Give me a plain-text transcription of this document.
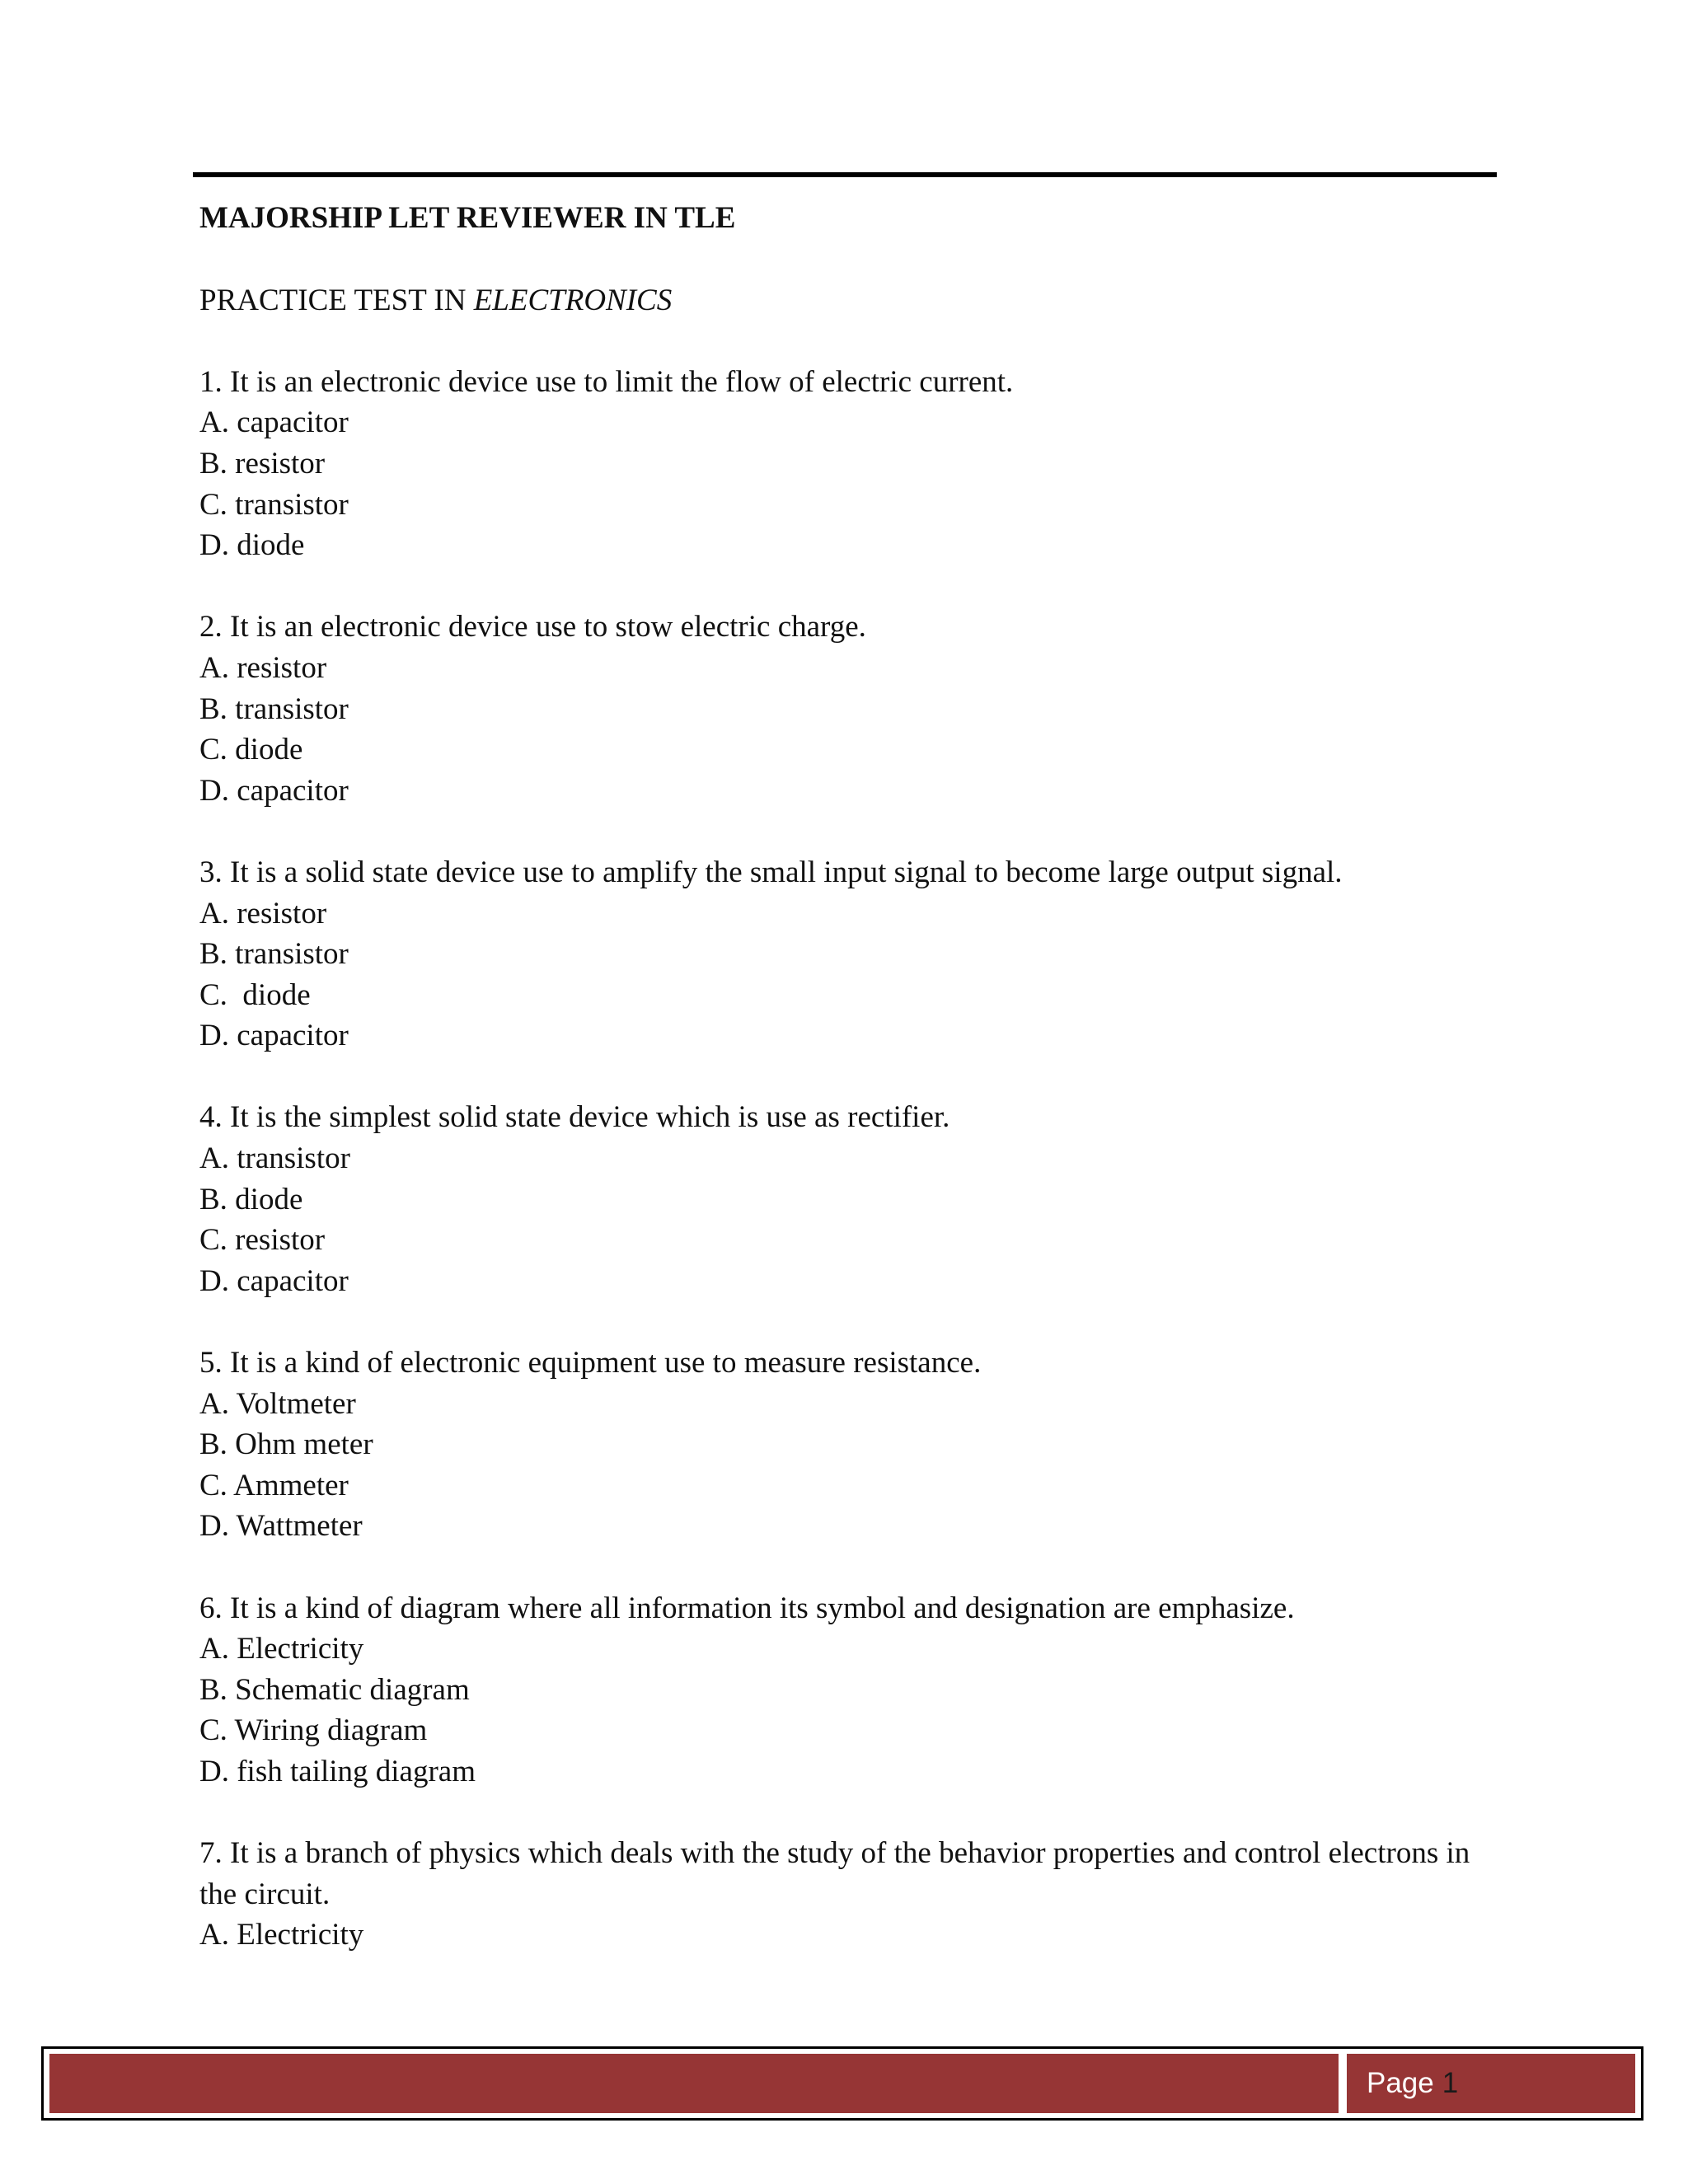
MAJORSHIP LET REVIEWER IN TLE
PRACTICE TEST IN ELECTRONICS

1. It is an electronic device use to limit the flow of electric current.

A. capacitor

B. resistor

C. transistor

D. diode

2. It is an electronic device use to stow electric charge.

A. resistor

B. transistor

C. diode

D. capacitor

3. It is a solid state device use to amplify the small input signal to become large output signal.

A. resistor

B. transistor

C.  diode

D. capacitor

4. It is the simplest solid state device which is use as rectifier.

A. transistor

B. diode

C. resistor

D. capacitor

5. It is a kind of electronic equipment use to measure resistance.

A. Voltmeter

B. Ohm meter

C. Ammeter

D. Wattmeter

6. It is a kind of diagram where all information its symbol and designation are emphasize.

A. Electricity

B. Schematic diagram

C. Wiring diagram

D. fish tailing diagram

7. It is a branch of physics which deals with the study of the behavior properties and control electrons in the circuit.

A. Electricity

Page 1
